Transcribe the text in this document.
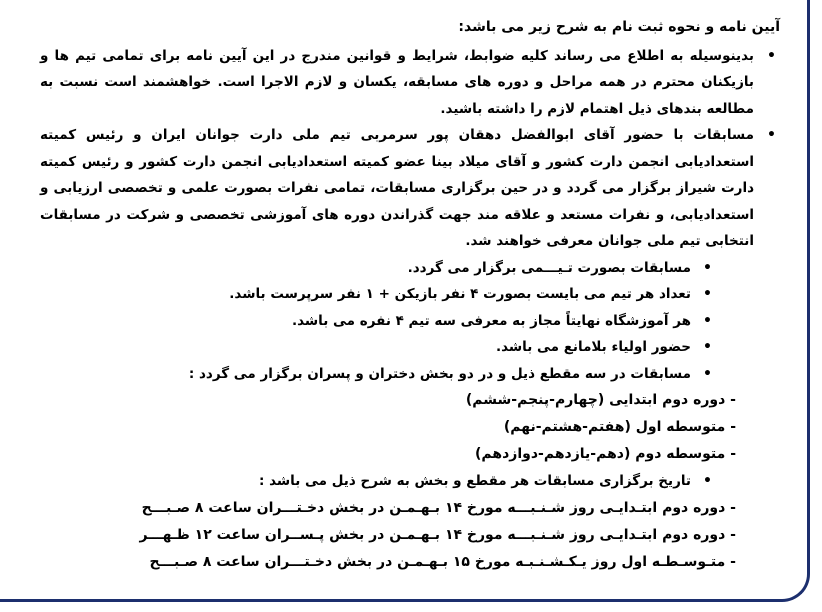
آیین نامه و نحوه ثبت نام به شرح زیر می باشد:

• بدینوسیله به اطلاع می رساند کلیه ضوابط، شرایط و قوانین مندرج در این آیین نامه برای تمامی تیم ها و بازیکنان محترم در همه مراحل و دوره های مسابقه، یکسان و لازم الاجرا است. خواهشمند است نسبت به مطالعه بندهای ذیل اهتمام لازم را داشته باشید.

• مسابقات با حضور آقای ابوالفضل دهقان پور سرمربی تیم ملی دارت جوانان ایران و رئیس کمیته استعدادیابی انجمن دارت کشور و آقای میلاد بینا عضو کمیته استعدادیابی انجمن دارت کشور و رئیس کمیته دارت شیراز برگزار می گردد و در حین برگزاری مسابقات، تمامی نفرات بصورت علمی و تخصصی ارزیابی و استعدادیابی، و نفرات مستعد و علاقه مند جهت گذراندن دوره های آموزشی تخصصی و شرکت در مسابقات انتخابی تیم ملی جوانان معرفی خواهند شد.

• مسابقات بصورت تـیـــمی برگزار می گردد.

• تعداد هر تیم می بایست بصورت ۴ نفر بازیکن + ۱ نفر سرپرست باشد.

• هر آموزشگاه نهایتاً مجاز به معرفی سه تیم ۴ نفره می باشد.

• حضور اولیاء بلامانع می باشد.

• مسابقات در سه مقطع ذیل و در دو بخش دختران و پسران برگزار می گردد :

- دوره دوم ابتدایی (چهارم-پنجم-ششم)

- متوسطه اول (هفتم-هشتم-نهم)

- متوسطه دوم (دهم-یازدهم-دوازدهم)

• تاریخ برگزاری مسابقات هر مقطع و بخش به شرح ذیل می باشد :

- دوره دوم ابتـدایـی روز شـنـبـــه مورخ ۱۴ بـهـمـن در بخش دخـتـــران ساعت ۸ صـبـــح

- دوره دوم ابتـدایـی روز شـنـبـــه مورخ ۱۴ بـهـمـن در بخش پـســران ساعت ۱۲ ظـهـــر

- متـوسـطـه اول روز یـکـشـنـبـه مورخ ۱۵ بـهـمـن در بخش دخـتـــران ساعت ۸ صـبـــح
